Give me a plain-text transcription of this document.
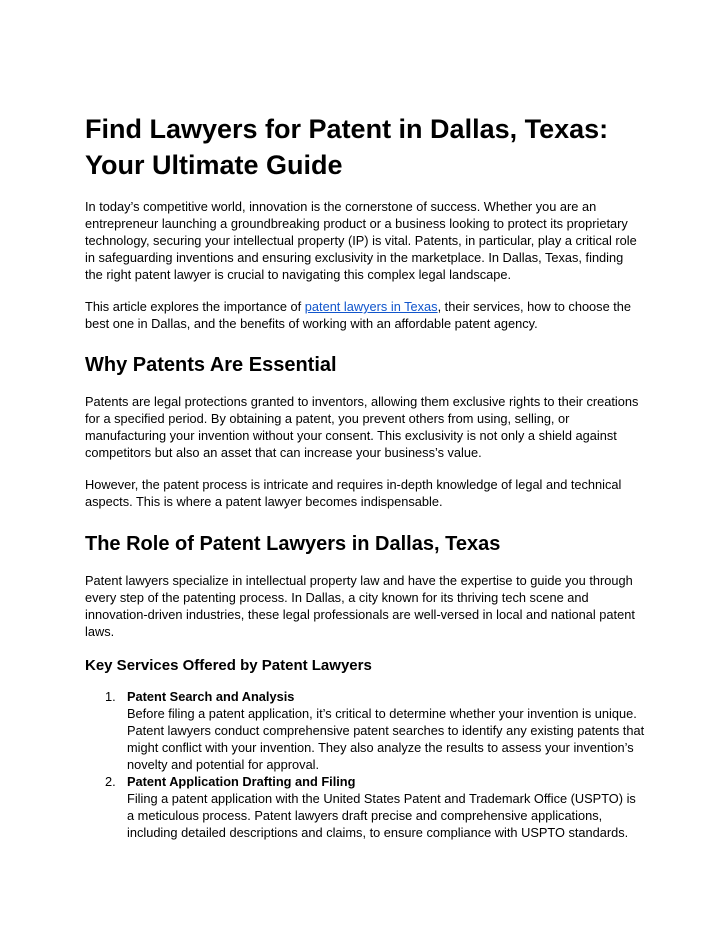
Find Lawyers for Patent in Dallas, Texas: Your Ultimate Guide

In today’s competitive world, innovation is the cornerstone of success. Whether you are an entrepreneur launching a groundbreaking product or a business looking to protect its proprietary technology, securing your intellectual property (IP) is vital. Patents, in particular, play a critical role in safeguarding inventions and ensuring exclusivity in the marketplace. In Dallas, Texas, finding the right patent lawyer is crucial to navigating this complex legal landscape.

This article explores the importance of patent lawyers in Texas, their services, how to choose the best one in Dallas, and the benefits of working with an affordable patent agency.

Why Patents Are Essential

Patents are legal protections granted to inventors, allowing them exclusive rights to their creations for a specified period. By obtaining a patent, you prevent others from using, selling, or manufacturing your invention without your consent. This exclusivity is not only a shield against competitors but also an asset that can increase your business’s value.

However, the patent process is intricate and requires in-depth knowledge of legal and technical aspects. This is where a patent lawyer becomes indispensable.

The Role of Patent Lawyers in Dallas, Texas

Patent lawyers specialize in intellectual property law and have the expertise to guide you through every step of the patenting process. In Dallas, a city known for its thriving tech scene and innovation-driven industries, these legal professionals are well-versed in local and national patent laws.

Key Services Offered by Patent Lawyers
1. Patent Search and Analysis
Before filing a patent application, it’s critical to determine whether your invention is unique. Patent lawyers conduct comprehensive patent searches to identify any existing patents that might conflict with your invention. They also analyze the results to assess your invention’s novelty and potential for approval.
2. Patent Application Drafting and Filing
Filing a patent application with the United States Patent and Trademark Office (USPTO) is a meticulous process. Patent lawyers draft precise and comprehensive applications, including detailed descriptions and claims, to ensure compliance with USPTO standards.
